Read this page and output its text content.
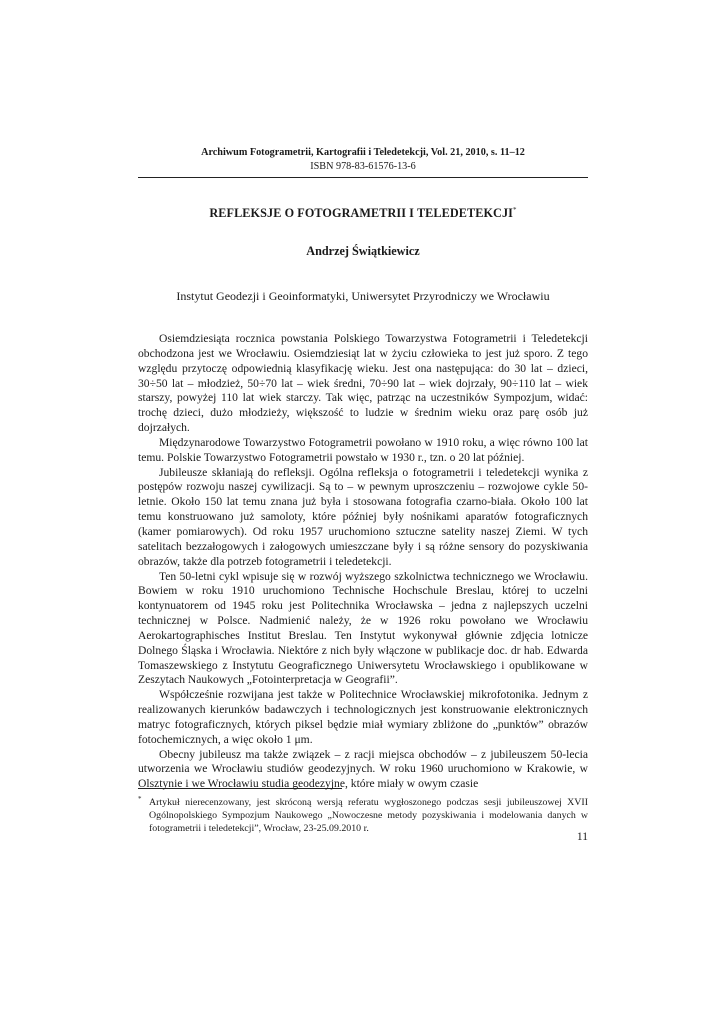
Archiwum Fotogrametrii, Kartografii i Teledetekcji, Vol. 21, 2010, s. 11–12
ISBN 978-83-61576-13-6
REFLEKSJE O FOTOGRAMETRII I TELEDETEKCJI*
Andrzej Świątkiewicz
Instytut Geodezji i Geoinformatyki, Uniwersytet Przyrodniczy we Wrocławiu

Osiemdziesiąta rocznica powstania Polskiego Towarzystwa Fotogrametrii i Teledetekcji obchodzona jest we Wrocławiu. Osiemdziesiąt lat w życiu człowieka to jest już sporo. Z tego względu przytoczę odpowiednią klasyfikację wieku. Jest ona następująca: do 30 lat – dzieci, 30÷50 lat – młodzież, 50÷70 lat – wiek średni, 70÷90 lat – wiek dojrzały, 90÷110 lat – wiek starszy, powyżej 110 lat wiek starczy. Tak więc, patrząc na uczestników Sympozjum, widać: trochę dzieci, dużo młodzieży, większość to ludzie w średnim wieku oraz parę osób już dojrzałych.

Międzynarodowe Towarzystwo Fotogrametrii powołano w 1910 roku, a więc równo 100 lat temu. Polskie Towarzystwo Fotogrametrii powstało w 1930 r., tzn. o 20 lat później.

Jubileusze skłaniają do refleksji. Ogólna refleksja o fotogrametrii i teledetekcji wynika z postępów rozwoju naszej cywilizacji. Są to – w pewnym uproszczeniu – rozwojowe cykle 50-letnie. Około 150 lat temu znana już była i stosowana fotografia czarno-biała. Około 100 lat temu konstruowano już samoloty, które później były nośnikami aparatów fotograficznych (kamer pomiarowych). Od roku 1957 uruchomiono sztuczne satelity naszej Ziemi. W tych satelitach bezzałogowych i załogowych umieszczane były i są różne sensory do pozyskiwania obrazów, także dla potrzeb fotogrametrii i teledetekcji.

Ten 50-letni cykl wpisuje się w rozwój wyższego szkolnictwa technicznego we Wrocławiu. Bowiem w roku 1910 uruchomiono Technische Hochschule Breslau, której to uczelni kontynuatorem od 1945 roku jest Politechnika Wrocławska – jedna z najlepszych uczelni technicznej w Polsce. Nadmienić należy, że w 1926 roku powołano we Wrocławiu Aerokartographisches Institut Breslau. Ten Instytut wykonywał głównie zdjęcia lotnicze Dolnego Śląska i Wrocławia. Niektóre z nich były włączone w publikacje doc. dr hab. Edwarda Tomaszewskiego z Instytutu Geograficznego Uniwersytetu Wrocławskiego i opublikowane w Zeszytach Naukowych „Fotointerpretacja w Geografii”.

Współcześnie rozwijana jest także w Politechnice Wrocławskiej mikrofotonika. Jednym z realizowanych kierunków badawczych i technologicznych jest konstruowanie elektronicznych matryc fotograficznych, których piksel będzie miał wymiary zbliżone do „punktów” obrazów fotochemicznych, a więc około 1 μm.

Obecny jubileusz ma także związek – z racji miejsca obchodów – z jubileuszem 50-lecia utworzenia we Wrocławiu studiów geodezyjnych. W roku 1960 uruchomiono w Krakowie, w Olsztynie i we Wrocławiu studia geodezyjne, które miały w owym czasie

* Artykuł nierecenzowany, jest skróconą wersją referatu wygłoszonego podczas sesji jubileuszowej XVII Ogólnopolskiego Sympozjum Naukowego „Nowoczesne metody pozyskiwania i modelowania danych w fotogrametrii i teledetekcji”, Wrocław, 23-25.09.2010 r.
11
